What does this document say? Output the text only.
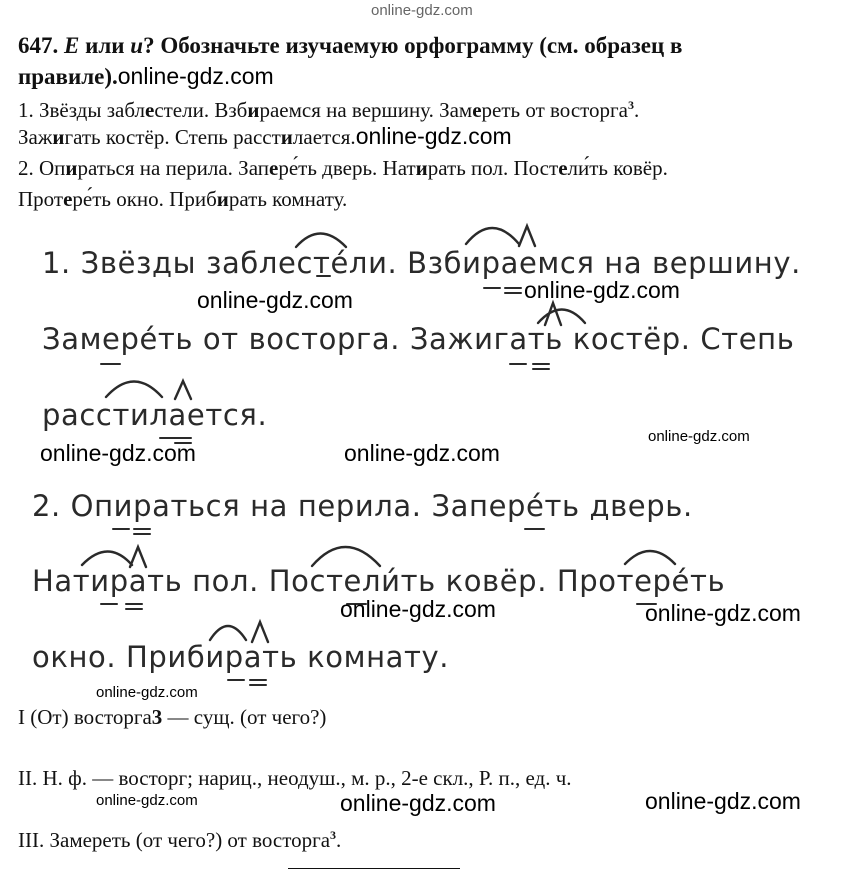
online-gdz.com
647. Е или и? Обозначьте изучаемую орфограмму (см. образец в
правиле).online-gdz.com
1. Звёзды заблестели. Взбираемся на вершину. Замереть от восторга$^3$.
Зажигать костёр. Степь расстилается.online-gdz.com
2. Опираться на перила. Запере́ть дверь. Натирать пол. Постели́ть ковёр.
Протере́ть окно. Прибирать комнату.
1. Звёзды заблесте́ли. Взбираемся на вершину.
Замере́ть от восторга. Зажигать костёр. Степь
расстилается.
2. Опираться на перила. Запере́ть дверь.
Натирать пол. Постели́ть ковёр. Протере́ть
окно. Прибирать комнату.
online-gdz.com	online-gdz.com
online-gdz.com	online-gdz.com
online-gdz.com
online-gdz.com	online-gdz.com
online-gdz.com
I (От) восторга3 — сущ. (от чего?)
II. Н. ф. — восторг; нариц., неодуш., м. р., 2-е скл., Р. п., ед. ч.
online-gdz.com	online-gdz.com	online-gdz.com
III. Замереть (от чего?) от восторга$^3$.
